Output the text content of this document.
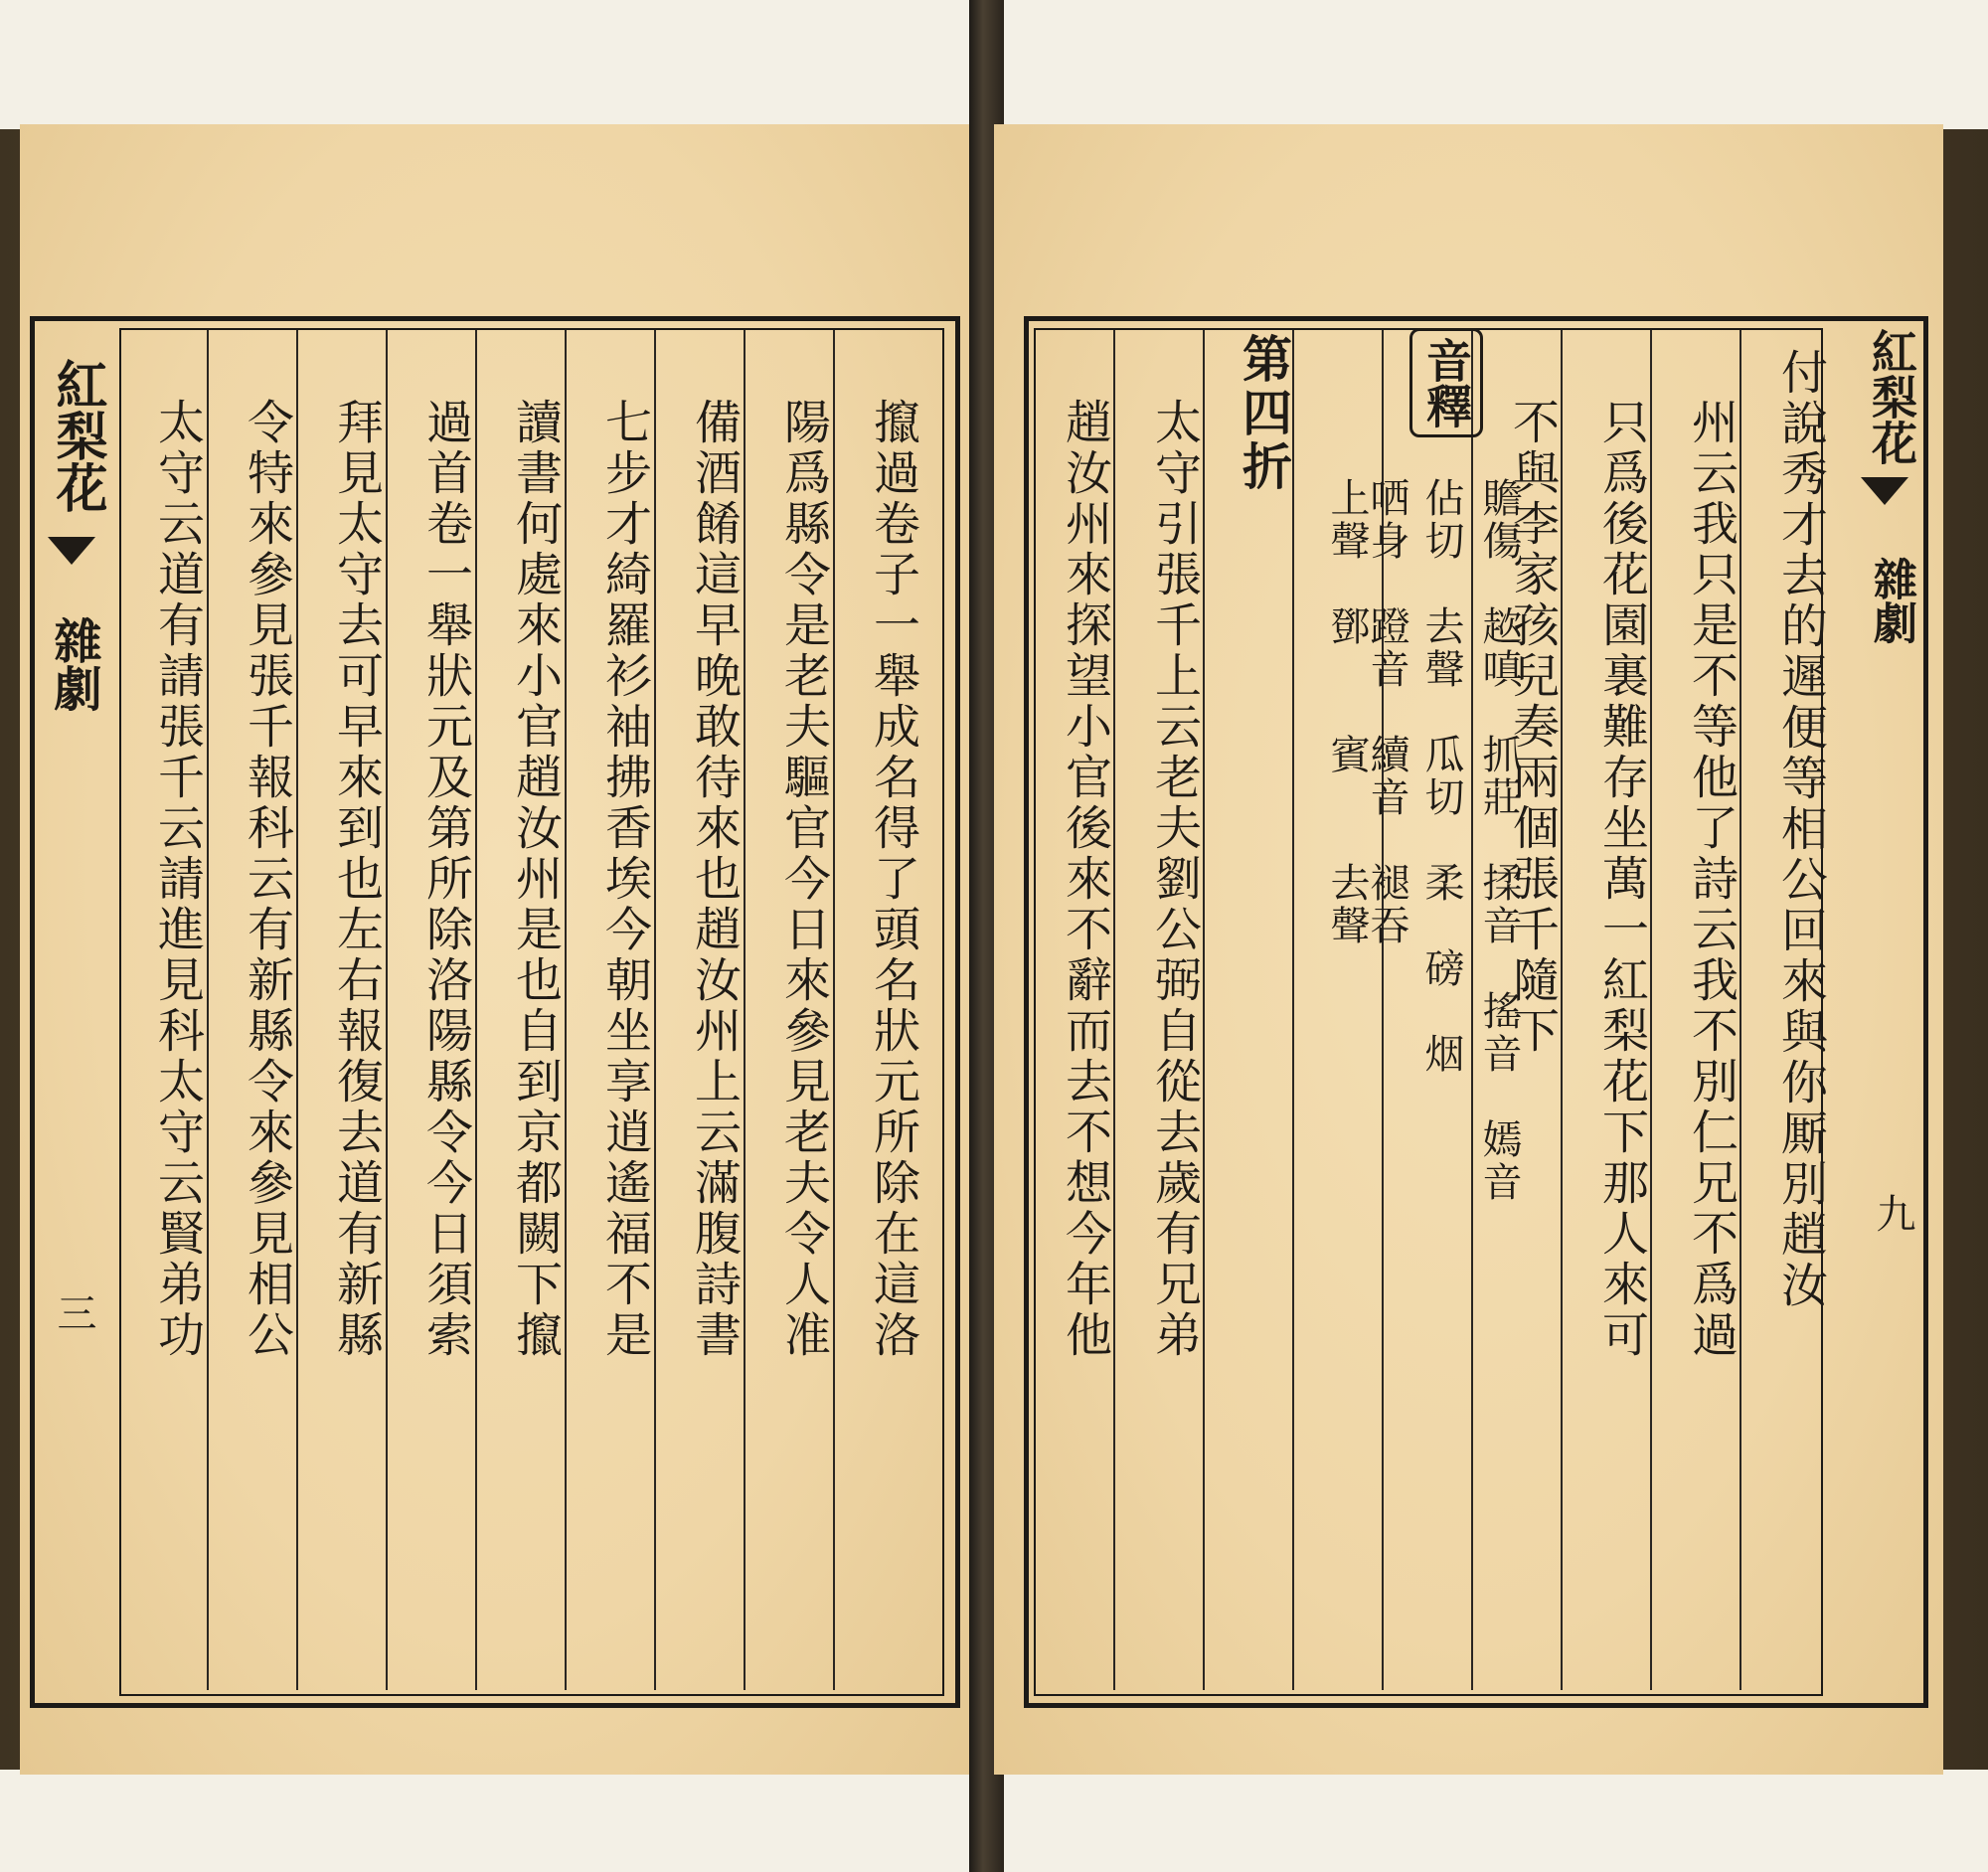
紅梨花
雜劇
三	攛過卷子一舉成名得了頭名狀元所除在這洛
陽爲縣令是老夫驅官今日來參見老夫令人准
備酒餚這早晚敢待來也趙汝州上云滿腹詩書
七步才綺羅衫袖拂香埃今朝坐享逍遙福不是
讀書何處來小官趙汝州是也自到京都闕下攛
過首卷一舉狀元及第所除洛陽縣令今日須索
拜見太守去可早來到也左右報復去道有新縣
令特來參見張千報科云有新縣令來參見相公
太守云道有請張千云請進見科太守云賢弟功
紅梨花
雜劇
九
付說秀才去的遲便等相公回來與你厮別趙汝
州云我只是不等他了詩云我不別仁兄不爲過
只爲後花園裏難存坐萬一紅梨花下那人來可
不與李家孩兒奏兩個張千隨下
音釋
贍傷　趑嗔　抓莊　揉音　搖音　嫣音
佔切　去聲　瓜切　柔　磅　烟
哂身　蹬音　續音　褪吞
上聲　鄧　　賓　　去聲
第四折
太守引張千上云老夫劉公弼自從去歲有兄弟
趙汝州來探望小官後來不辭而去不想今年他
